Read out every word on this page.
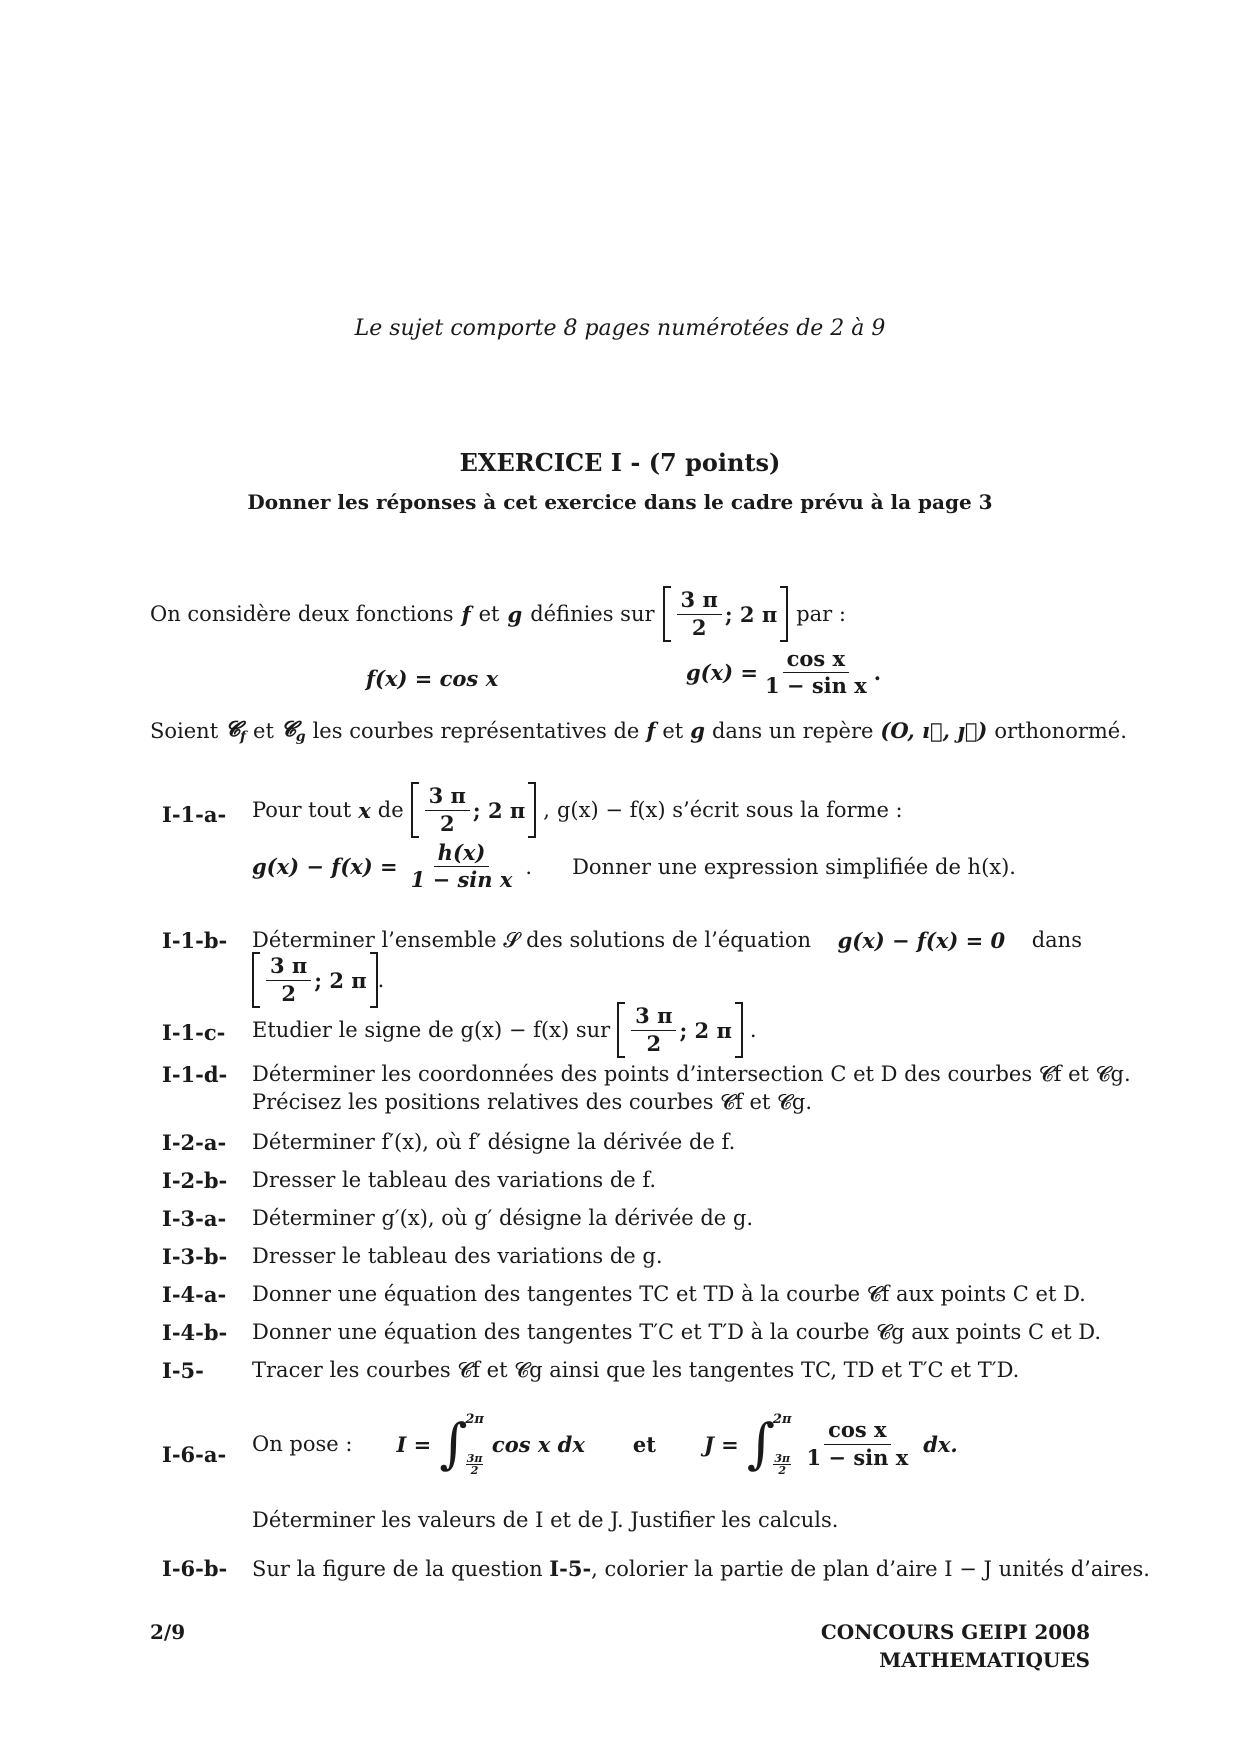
Le sujet comporte 8 pages numérotées de 2 à 9
EXERCICE I - (7 points)
Donner les réponses à cet exercice dans le cadre prévu à la page 3
On considère deux fonctions f et g définies sur $\frac{3 \pi}{2}$ ; 2 π par :
f(x) = cos x	$g(x) = \frac{\text{cos x}}{\text{1 − sin x}}$ .
Soient 𝓒$_f$ et 𝓒$_g$ les courbes représentatives de f et g dans un repère (O, ı⃗, ȷ⃗) orthonormé.
I-1-a- Pour tout x de $\frac{3 \pi}{2}$ ; 2 π , g(x) − f(x) s’écrit sous la forme :
$g(x) - f(x) = \frac{h(x)}{\text{1 − sin x}}$ . Donner une expression simplifiée de h(x).
I-1-b- Déterminer l’ensemble 𝓢 des solutions de l’équation g(x) − f(x) = 0 dans
$\frac{3 \pi}{2}$ ; 2 π .
I-1-c- Etudier le signe de g(x) − f(x) sur $\frac{3 \pi}{2}$ ; 2 π .
I-1-d- Déterminer les coordonnées des points d’intersection C et D des courbes 𝓒f et 𝓒g.
Précisez les positions relatives des courbes 𝓒f et 𝓒g.
I-2-a- Déterminer f′(x), où f′ désigne la dérivée de f.
I-2-b- Dresser le tableau des variations de f.
I-3-a- Déterminer g′(x), où g′ désigne la dérivée de g.
I-3-b- Dresser le tableau des variations de g.
I-4-a- Donner une équation des tangentes TC et TD à la courbe 𝓒f aux points C et D.
I-4-b- Donner une équation des tangentes T′C et T′D à la courbe 𝓒g aux points C et D.
I-5- Tracer les courbes 𝓒f et 𝓒g ainsi que les tangentes TC, TD et T′C et T′D.
I-6-a- On pose : I = ∫
2π
$\frac{3\pi}{2}$
cos x dx et J = ∫
2π
$\frac{3\pi}{2} \frac{\text{cos x}}{\text{1 − sin x}}$ dx.
Déterminer les valeurs de I et de J. Justifier les calculs.
I-6-b- Sur la figure de la question I-5-, colorier la partie de plan d’aire I − J unités d’aires.
2/9	CONCOURS GEIPI 2008
MATHEMATIQUES
